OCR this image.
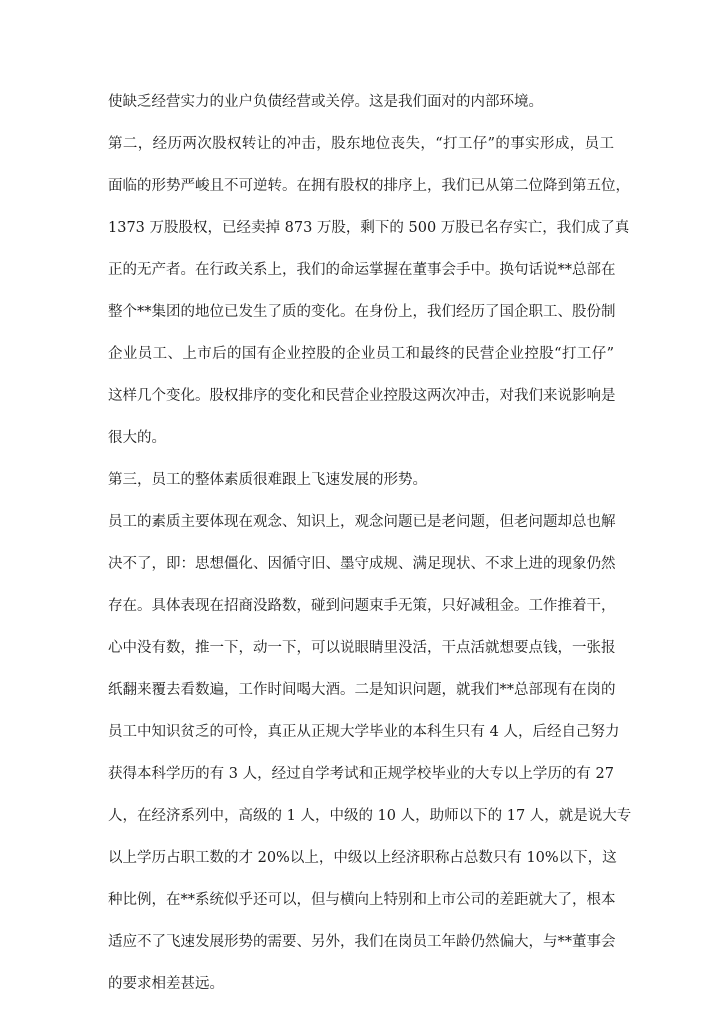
使缺乏经营实力的业户负债经营或关停。这是我们面对的内部环境。
第二，经历两次股权转让的冲击，股东地位丧失，“打工仔”的事实形成，员工
面临的形势严峻且不可逆转。在拥有股权的排序上，我们已从第二位降到第五位，
1373 万股股权，已经卖掉 873 万股，剩下的 500 万股已名存实亡，我们成了真
正的无产者。在行政关系上，我们的命运掌握在董事会手中。换句话说**总部在
整个**集团的地位已发生了质的变化。在身份上，我们经历了国企职工、股份制
企业员工、上市后的国有企业控股的企业员工和最终的民营企业控股“打工仔”
这样几个变化。股权排序的变化和民营企业控股这两次冲击，对我们来说影响是
很大的。
第三，员工的整体素质很难跟上飞速发展的形势。
员工的素质主要体现在观念、知识上，观念问题已是老问题，但老问题却总也解
决不了，即：思想僵化、因循守旧、墨守成规、满足现状、不求上进的现象仍然
存在。具体表现在招商没路数，碰到问题束手无策，只好减租金。工作推着干，
心中没有数，推一下，动一下，可以说眼睛里没活，干点活就想要点钱，一张报
纸翻来覆去看数遍，工作时间喝大酒。二是知识问题，就我们**总部现有在岗的
员工中知识贫乏的可怜，真正从正规大学毕业的本科生只有 4 人，后经自己努力
获得本科学历的有 3 人，经过自学考试和正规学校毕业的大专以上学历的有 27
人，在经济系列中，高级的 1 人，中级的 10 人，助师以下的 17 人，就是说大专
以上学历占职工数的才 20%以上，中级以上经济职称占总数只有 10%以下，这
种比例，在**系统似乎还可以，但与横向上特别和上市公司的差距就大了，根本
适应不了飞速发展形势的需要、另外，我们在岗员工年龄仍然偏大，与**董事会
的要求相差甚远。
